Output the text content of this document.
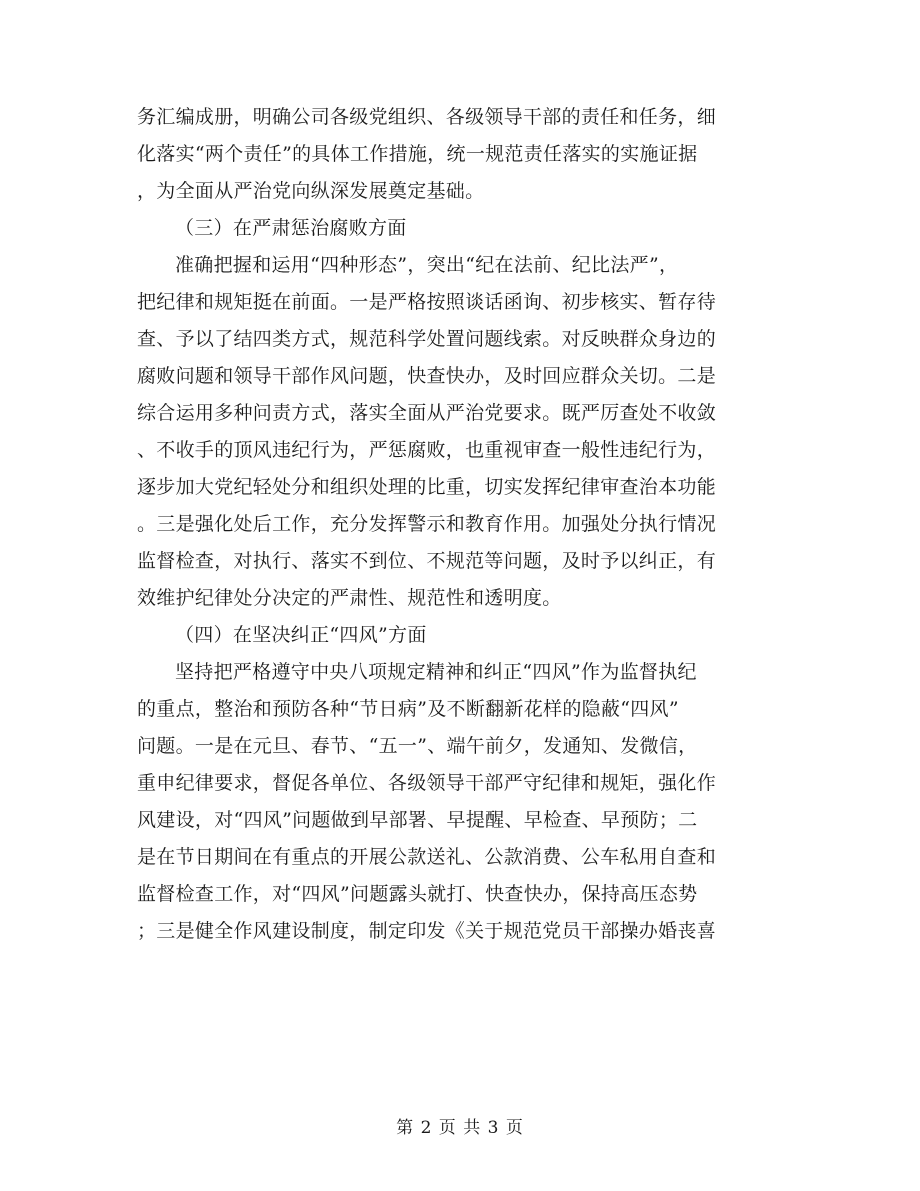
务汇编成册，明确公司各级党组织、各级领导干部的责任和任务，细
化落实“两个责任”的具体工作措施，统一规范责任落实的实施证据
，为全面从严治党向纵深发展奠定基础。
（三）在严肃惩治腐败方面
准确把握和运用“四种形态”，突出“纪在法前、纪比法严”，
把纪律和规矩挺在前面。一是严格按照谈话函询、初步核实、暂存待
查、予以了结四类方式，规范科学处置问题线索。对反映群众身边的
腐败问题和领导干部作风问题，快查快办，及时回应群众关切。二是
综合运用多种问责方式，落实全面从严治党要求。既严厉查处不收敛
、不收手的顶风违纪行为，严惩腐败，也重视审查一般性违纪行为，
逐步加大党纪轻处分和组织处理的比重，切实发挥纪律审查治本功能
。三是强化处后工作，充分发挥警示和教育作用。加强处分执行情况
监督检查，对执行、落实不到位、不规范等问题，及时予以纠正，有
效维护纪律处分决定的严肃性、规范性和透明度。
（四）在坚决纠正“四风”方面
坚持把严格遵守中央八项规定精神和纠正“四风”作为监督执纪
的重点，整治和预防各种“节日病”及不断翻新花样的隐蔽“四风”
问题。一是在元旦、春节、“五一”、端午前夕，发通知、发微信，
重申纪律要求，督促各单位、各级领导干部严守纪律和规矩，强化作
风建设，对“四风”问题做到早部署、早提醒、早检查、早预防；二
是在节日期间在有重点的开展公款送礼、公款消费、公车私用自查和
监督检查工作，对“四风”问题露头就打、快查快办，保持高压态势
；三是健全作风建设制度，制定印发《关于规范党员干部操办婚丧喜
第 2 页 共 3 页
